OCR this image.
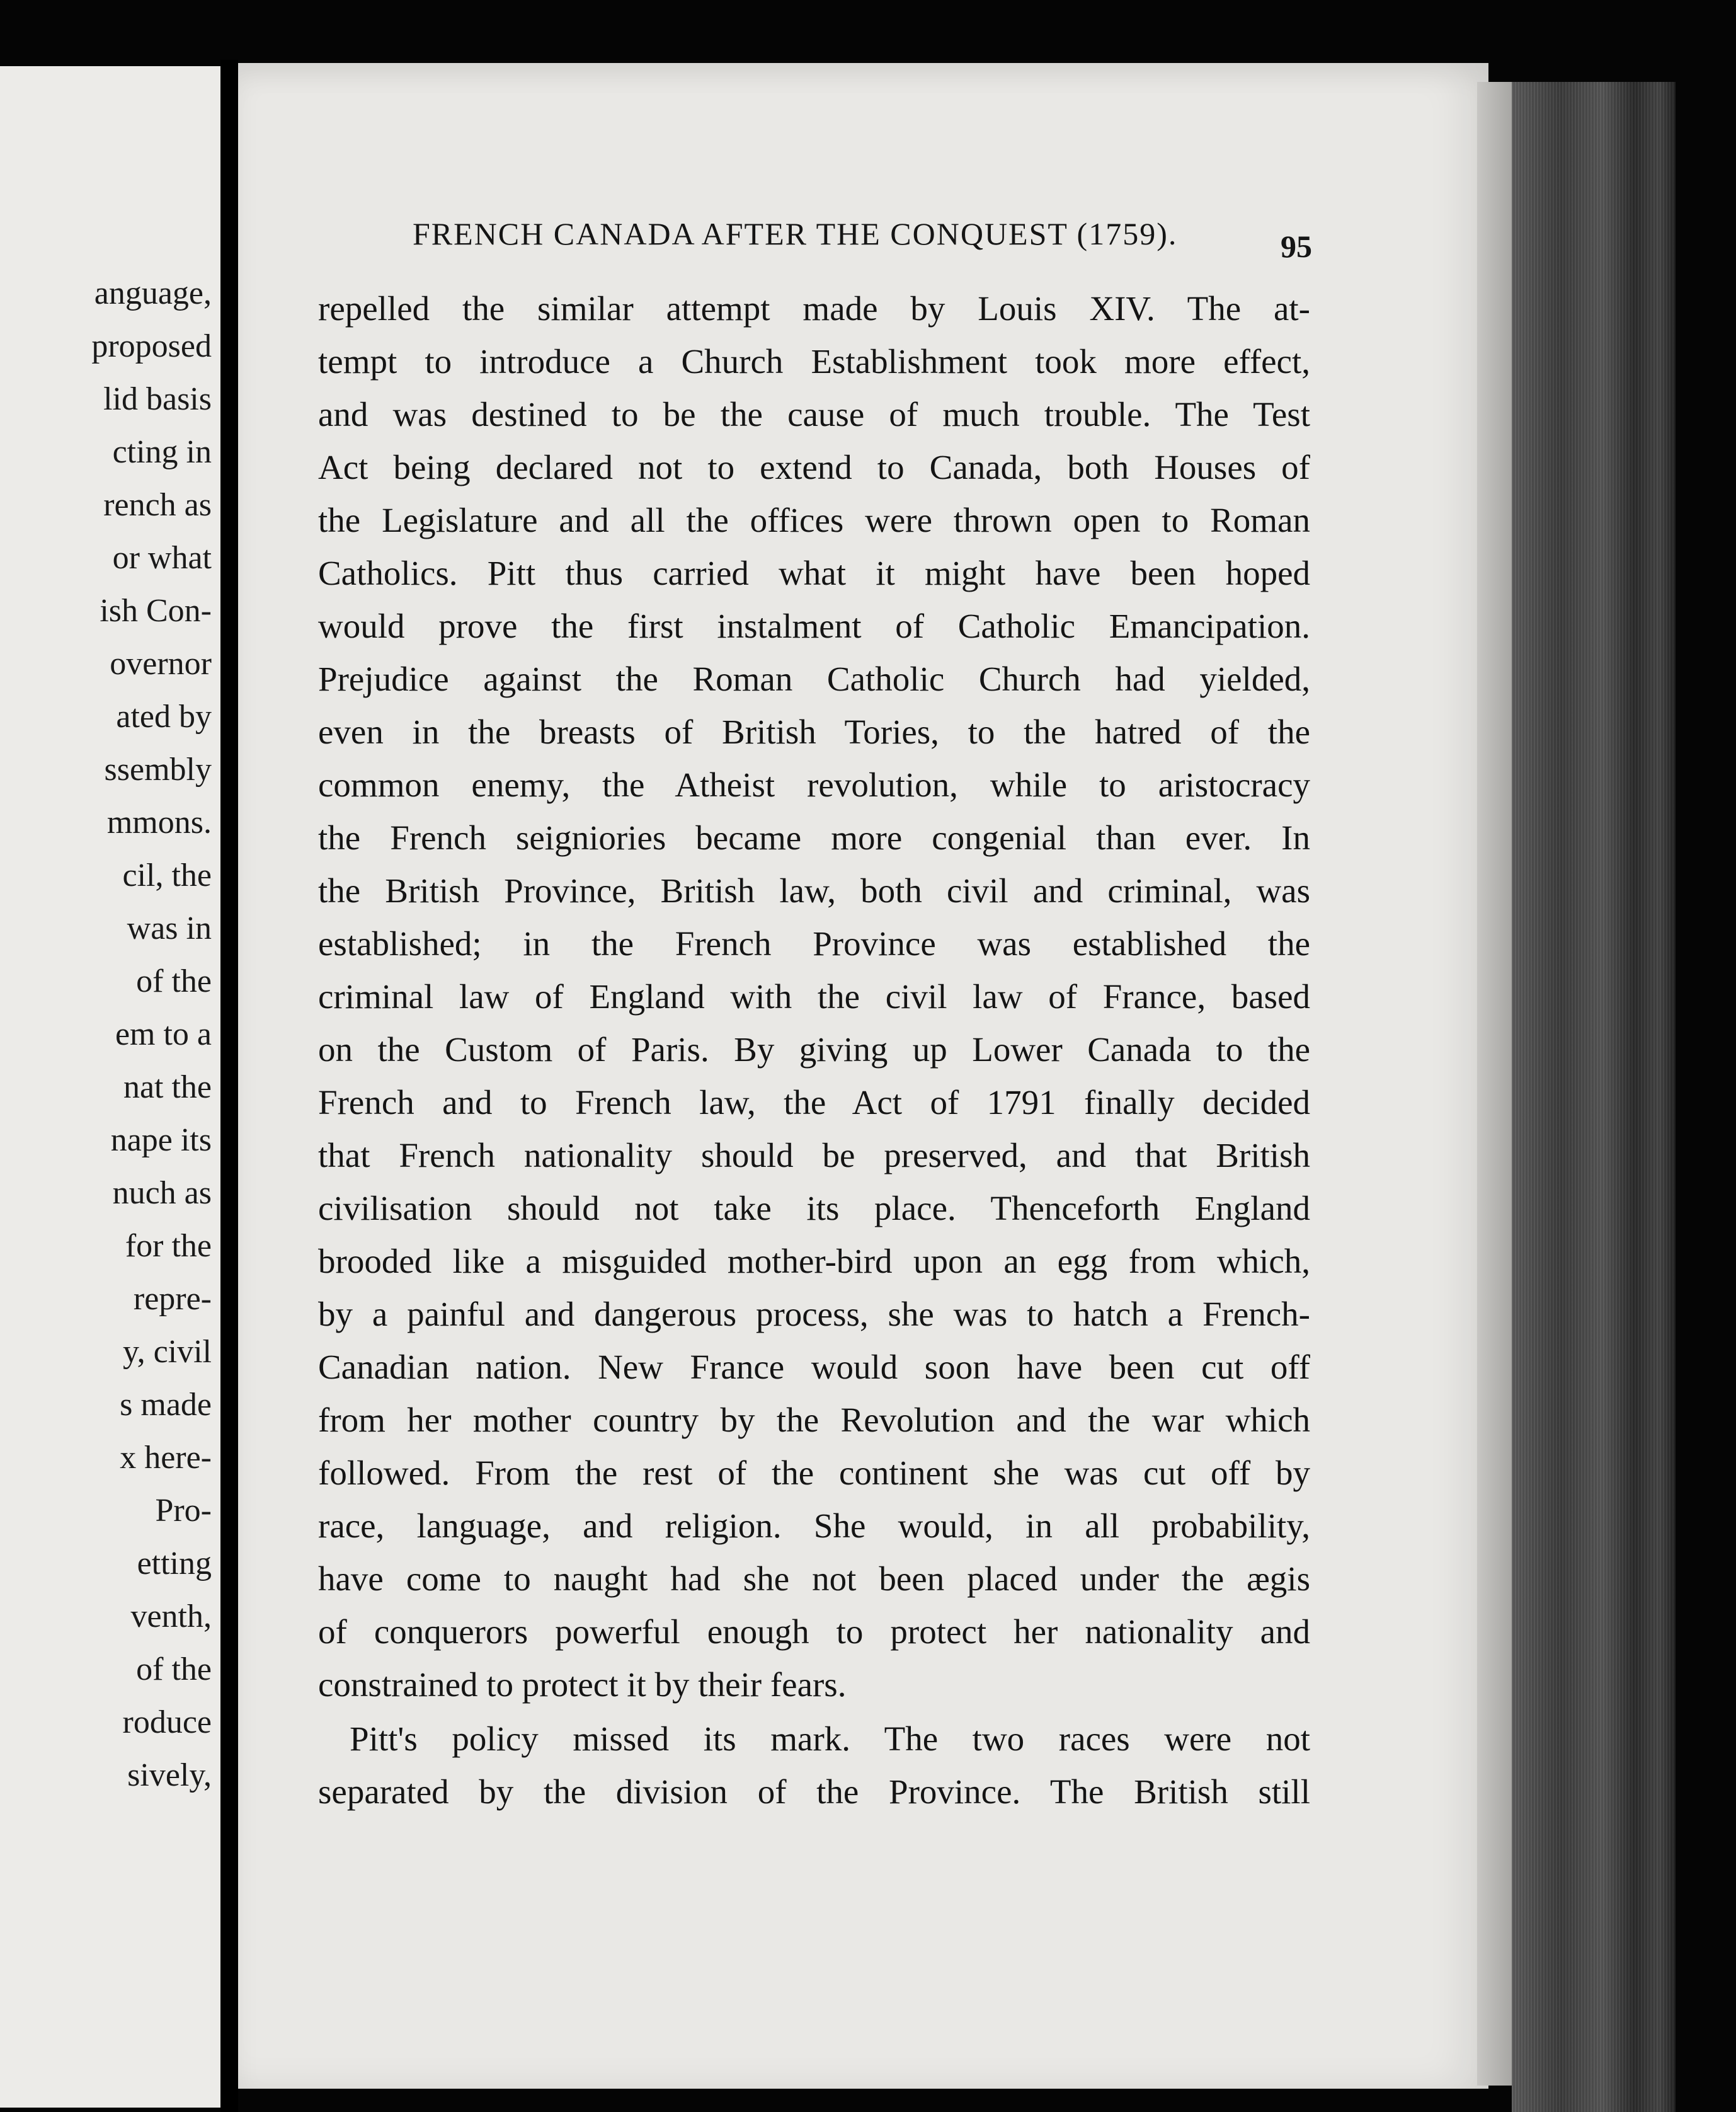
anguage,
proposed
lid basis
cting in
rench as
or what
ish Con-
overnor
ated by
ssembly
mmons.
cil, the
was in
of the
em to a
nat the
nape its
nuch as
for the
repre-
y, civil
s made
x here-
Pro-
etting
venth,
of the
roduce
sively,
FRENCH CANADA AFTER THE CONQUEST (1759).	95
repelled the similar attempt made by Louis XIV. The at-
tempt to introduce a Church Establishment took more effect,
and was destined to be the cause of much trouble. The Test
Act being declared not to extend to Canada, both Houses of
the Legislature and all the offices were thrown open to Roman
Catholics. Pitt thus carried what it might have been hoped
would prove the first instalment of Catholic Emancipation.
Prejudice against the Roman Catholic Church had yielded,
even in the breasts of British Tories, to the hatred of the
common enemy, the Atheist revolution, while to aristocracy
the French seigniories became more congenial than ever. In
the British Province, British law, both civil and criminal, was
established; in the French Province was established the
criminal law of England with the civil law of France, based
on the Custom of Paris. By giving up Lower Canada to the
French and to French law, the Act of 1791 finally decided
that French nationality should be preserved, and that British
civilisation should not take its place. Thenceforth England
brooded like a misguided mother-bird upon an egg from which,
by a painful and dangerous process, she was to hatch a French-
Canadian nation. New France would soon have been cut off
from her mother country by the Revolution and the war which
followed. From the rest of the continent she was cut off by
race, language, and religion. She would, in all probability,
have come to naught had she not been placed under the ægis
of conquerors powerful enough to protect her nationality and
constrained to protect it by their fears.
Pitt's policy missed its mark. The two races were not
separated by the division of the Province. The British still
